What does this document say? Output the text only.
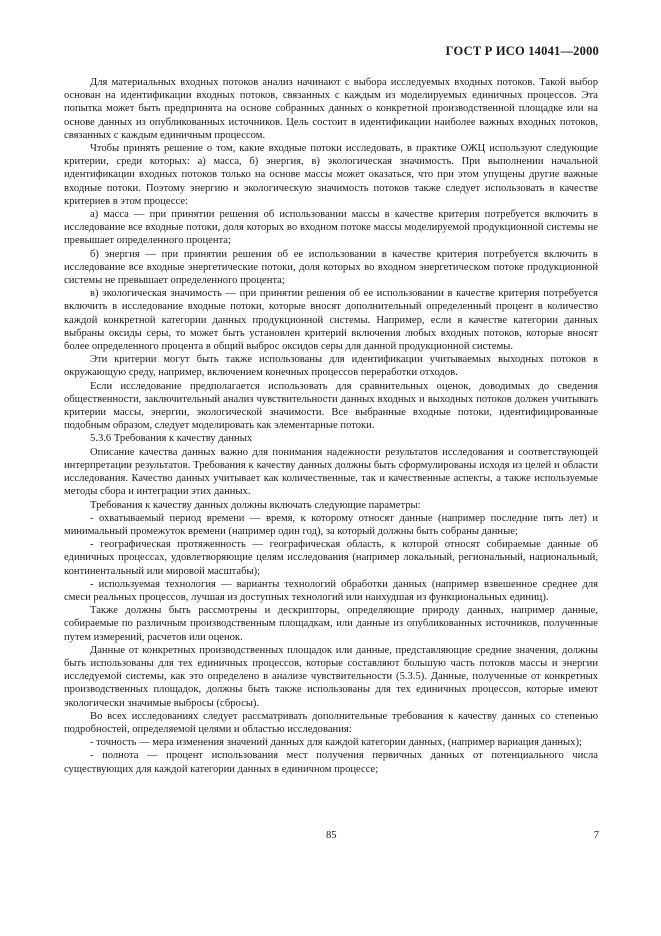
ГОСТ Р ИСО 14041—2000

Для материальных входных потоков анализ начинают с выбора исследуемых входных потоков. Такой выбор основан на идентификации входных потоков, связанных с каждым из моделируемых единичных процессов. Эта попытка может быть предпринята на основе собранных данных о конкретной производственной площадке или на основе данных из опубликованных источников. Цель состоит в идентификации наиболее важных входных потоков, связанных с каждым единичным процессом.

Чтобы принять решение о том, какие входные потоки исследовать, в практике ОЖЦ используют следующие критерии, среди которых: а) масса, б) энергия, в) экологическая значимость. При выполнении начальной идентификации входных потоков только на основе массы может оказаться, что при этом упущены другие важные входные потоки. Поэтому энергию и экологическую значимость потоков также следует использовать в качестве критериев в этом процессе:

а) масса — при принятии решения об использовании массы в качестве критерия потребуется включить в исследование все входные потоки, доля которых во входном потоке массы моделируемой продукционной системы не превышает определенного процента;

б) энергия — при принятии решения об ее использовании в качестве критерия потребуется включить в исследование все входные энергетические потоки, доля которых во входном энергетическом потоке продукционной системы не превышает определенного процента;

в) экологическая значимость — при принятии решения об ее использовании в качестве критерия потребуется включить в исследование входные потоки, которые вносят дополнительный определенный процент в количество каждой конкретной категории данных продукционной системы. Например, если в качестве категории данных выбраны оксиды серы, то может быть установлен критерий включения любых входных потоков, которые вносят более определенного процента в общий выброс оксидов серы для данной продукционной системы.

Эти критерии могут быть также использованы для идентификации учитываемых выходных потоков в окружающую среду, например, включением конечных процессов переработки отходов.

Если исследование предполагается использовать для сравнительных оценок, доводимых до сведения общественности, заключительный анализ чувствительности данных входных и выходных потоков должен учитывать критерии массы, энергии, экологической значимости. Все выбранные входные потоки, идентифицированные подобным образом, следует моделировать как элементарные потоки.

5.3.6 Требования к качеству данных

Описание качества данных важно для понимания надежности результатов исследования и соответствующей интерпретации результатов. Требования к качеству данных должны быть сформулированы исходя из целей и области исследования. Качество данных учитывает как количественные, так и качественные аспекты, а также используемые методы сбора и интеграции этих данных.

Требования к качеству данных должны включать следующие параметры:

- охватываемый период времени — время, к которому относят данные (например последние пять лет) и минимальный промежуток времени (например один год), за который должны быть собраны данные;

- географическая протяженность — географическая область, к которой относят собираемые данные об единичных процессах, удовлетворяющие целям исследования (например локальный, региональный, национальный, континентальный или мировой масштабы);

- используемая технология — варианты технологий обработки данных (например взвешенное среднее для смеси реальных процессов, лучшая из доступных технологий или наихудшая из функциональных единиц).

Также должны быть рассмотрены и дескрипторы, определяющие природу данных, например данные, собираемые по различным производственным площадкам, или данные из опубликованных источников, полученные путем измерений, расчетов или оценок.

Данные от конкретных производственных площадок или данные, представляющие средние значения, должны быть использованы для тех единичных процессов, которые составляют большую часть потоков массы и энергии исследуемой системы, как это определено в анализе чувствительности (5.3.5). Данные, полученные от конкретных производственных площадок, должны быть также использованы для тех единичных процессов, которые имеют экологически значимые выбросы (сбросы).

Во всех исследованиях следует рассматривать дополнительные требования к качеству данных со степенью подробностей, определяемой целями и областью исследования:

- точность — мера изменения значений данных для каждой категории данных, (например вариация данных);

- полнота — процент использования мест получения первичных данных от потенциального числа существующих для каждой категории данных в единичном процессе;

85	7
